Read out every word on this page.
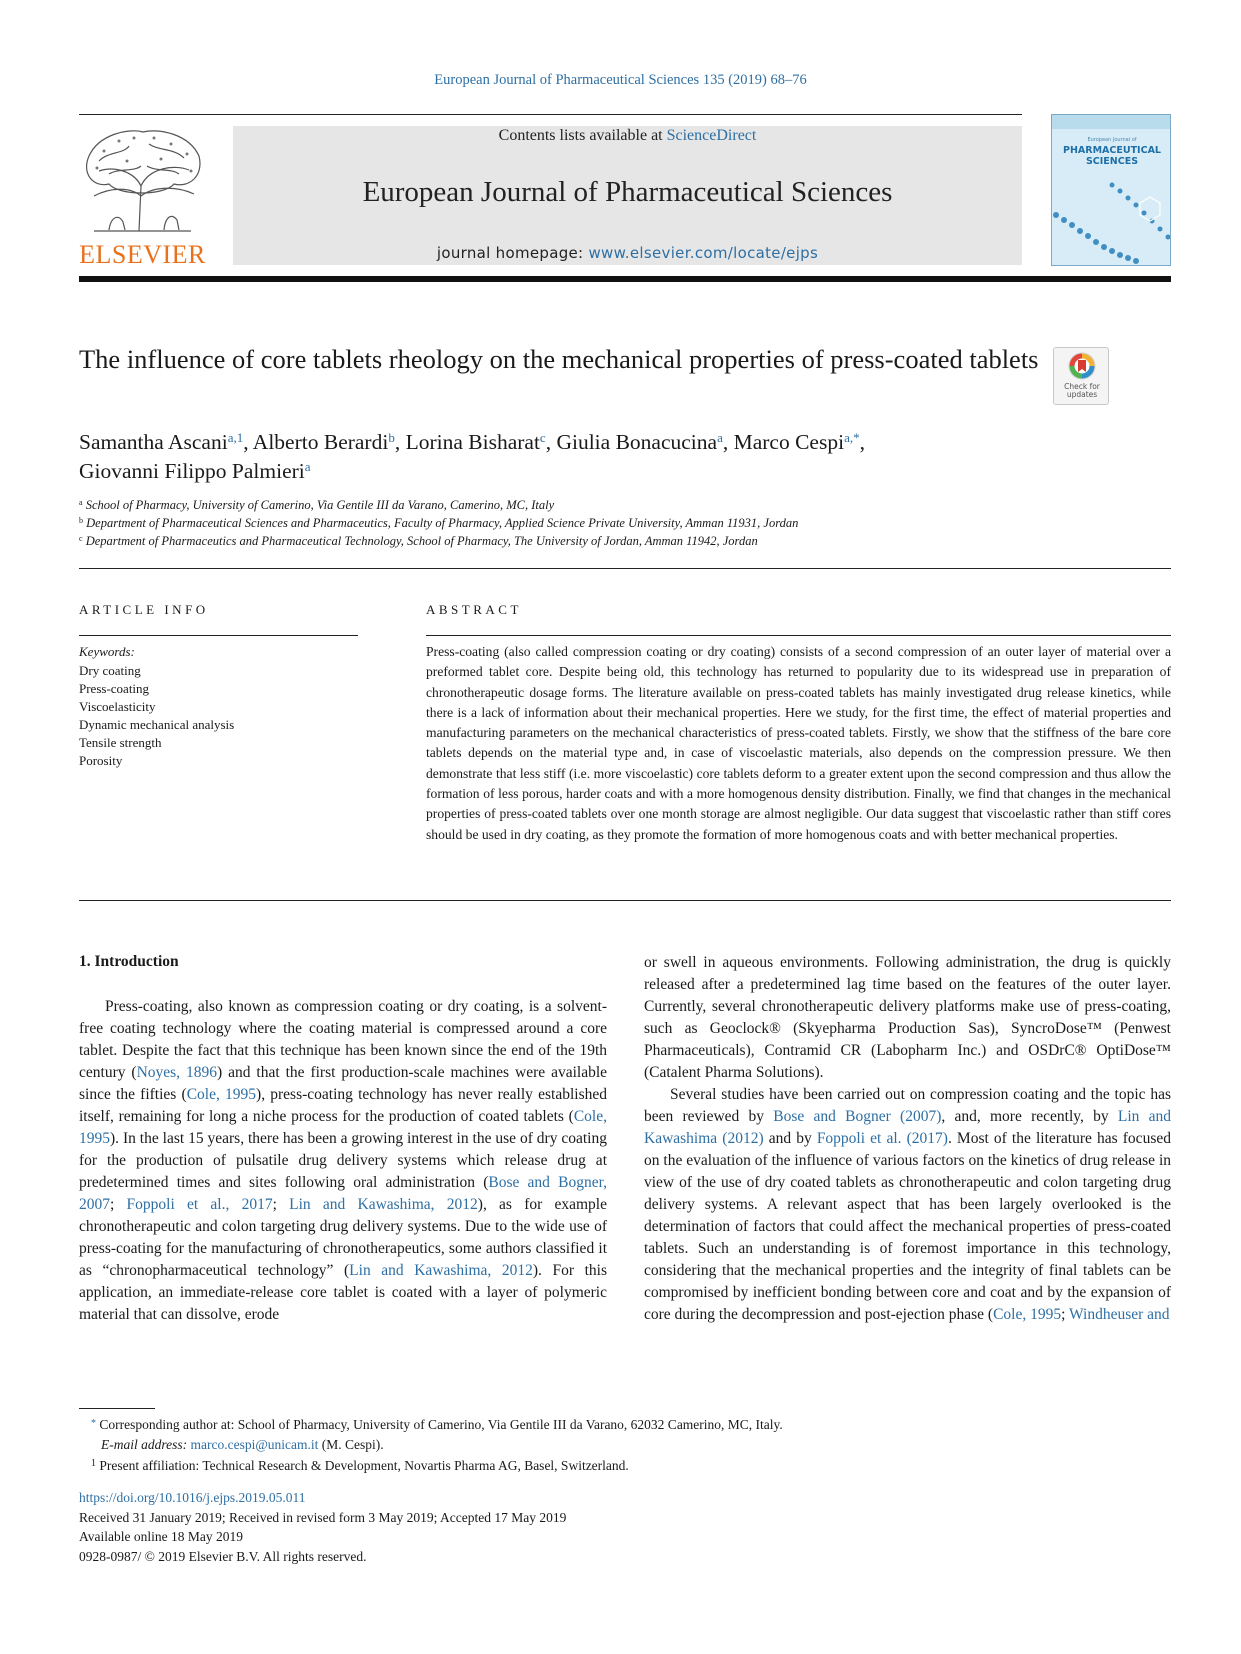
European Journal of Pharmaceutical Sciences 135 (2019) 68–76
ELSEVIER
Contents lists available at ScienceDirect
European Journal of Pharmaceutical Sciences
journal homepage: www.elsevier.com/locate/ejps
European Journal of
PHARMACEUTICAL
SCIENCES
The influence of core tablets rheology on the mechanical properties of press-coated tablets
Check for
updates
Samantha Ascani$^{a,1}$, Alberto Berardi$^b$, Lorina Bisharat$^c$, Giulia Bonacucina$^a$, Marco Cespi$^{a,*}$,
Giovanni Filippo Palmieri$^a$
$^a$ School of Pharmacy, University of Camerino, Via Gentile III da Varano, Camerino, MC, Italy
$^b$ Department of Pharmaceutical Sciences and Pharmaceutics, Faculty of Pharmacy, Applied Science Private University, Amman 11931, Jordan
$^c$ Department of Pharmaceutics and Pharmaceutical Technology, School of Pharmacy, The University of Jordan, Amman 11942, Jordan
ARTICLE INFO
Keywords:
Dry coating
Press-coating
Viscoelasticity
Dynamic mechanical analysis
Tensile strength
Porosity
ABSTRACT

Press-coating (also called compression coating or dry coating) consists of a second compression of an outer layer of material over a preformed tablet core. Despite being old, this technology has returned to popularity due to its widespread use in preparation of chronotherapeutic dosage forms. The literature available on press-coated tablets has mainly investigated drug release kinetics, while there is a lack of information about their mechanical properties. Here we study, for the first time, the effect of material properties and manufacturing parameters on the mechanical characteristics of press-coated tablets. Firstly, we show that the stiffness of the bare core tablets depends on the material type and, in case of viscoelastic materials, also depends on the compression pressure. We then demonstrate that less stiff (i.e. more viscoelastic) core tablets deform to a greater extent upon the second compression and thus allow the formation of less porous, harder coats and with a more homogenous density distribution. Finally, we find that changes in the mechanical properties of press-coated tablets over one month storage are almost negligible. Our data suggest that viscoelastic rather than stiff cores should be used in dry coating, as they promote the formation of more homogenous coats and with better mechanical properties.

1. Introduction

Press-coating, also known as compression coating or dry coating, is a solvent-free coating technology where the coating material is compressed around a core tablet. Despite the fact that this technique has been known since the end of the 19th century (Noyes, 1896) and that the first production-scale machines were available since the fifties (Cole, 1995), press-coating technology has never really established itself, remaining for long a niche process for the production of coated tablets (Cole, 1995). In the last 15 years, there has been a growing interest in the use of dry coating for the production of pulsatile drug delivery systems which release drug at predetermined times and sites following oral administration (Bose and Bogner, 2007; Foppoli et al., 2017; Lin and Kawashima, 2012), as for example chronotherapeutic and colon targeting drug delivery systems. Due to the wide use of press-coating for the manufacturing of chronotherapeutics, some authors classified it as “chronopharmaceutical technology” (Lin and Kawashima, 2012). For this application, an immediate-release core tablet is coated with a layer of polymeric material that can dissolve, erode

or swell in aqueous environments. Following administration, the drug is quickly released after a predetermined lag time based on the features of the outer layer. Currently, several chronotherapeutic delivery platforms make use of press-coating, such as Geoclock® (Skyepharma Production Sas), SyncroDose™ (Penwest Pharmaceuticals), Contramid CR (Labopharm Inc.) and OSDrC® OptiDose™ (Catalent Pharma Solutions).

Several studies have been carried out on compression coating and the topic has been reviewed by Bose and Bogner (2007), and, more recently, by Lin and Kawashima (2012) and by Foppoli et al. (2017). Most of the literature has focused on the evaluation of the influence of various factors on the kinetics of drug release in view of the use of dry coated tablets as chronotherapeutic and colon targeting drug delivery systems. A relevant aspect that has been largely overlooked is the determination of factors that could affect the mechanical properties of press-coated tablets. Such an understanding is of foremost importance in this technology, considering that the mechanical properties and the integrity of final tablets can be compromised by inefficient bonding between core and coat and by the expansion of core during the decompression and post-ejection phase (Cole, 1995; Windheuser and

* Corresponding author at: School of Pharmacy, University of Camerino, Via Gentile III da Varano, 62032 Camerino, MC, Italy.
E-mail address: marco.cespi@unicam.it (M. Cespi).
$^1$ Present affiliation: Technical Research & Development, Novartis Pharma AG, Basel, Switzerland.
https://doi.org/10.1016/j.ejps.2019.05.011
Received 31 January 2019; Received in revised form 3 May 2019; Accepted 17 May 2019
Available online 18 May 2019
0928-0987/ © 2019 Elsevier B.V. All rights reserved.
